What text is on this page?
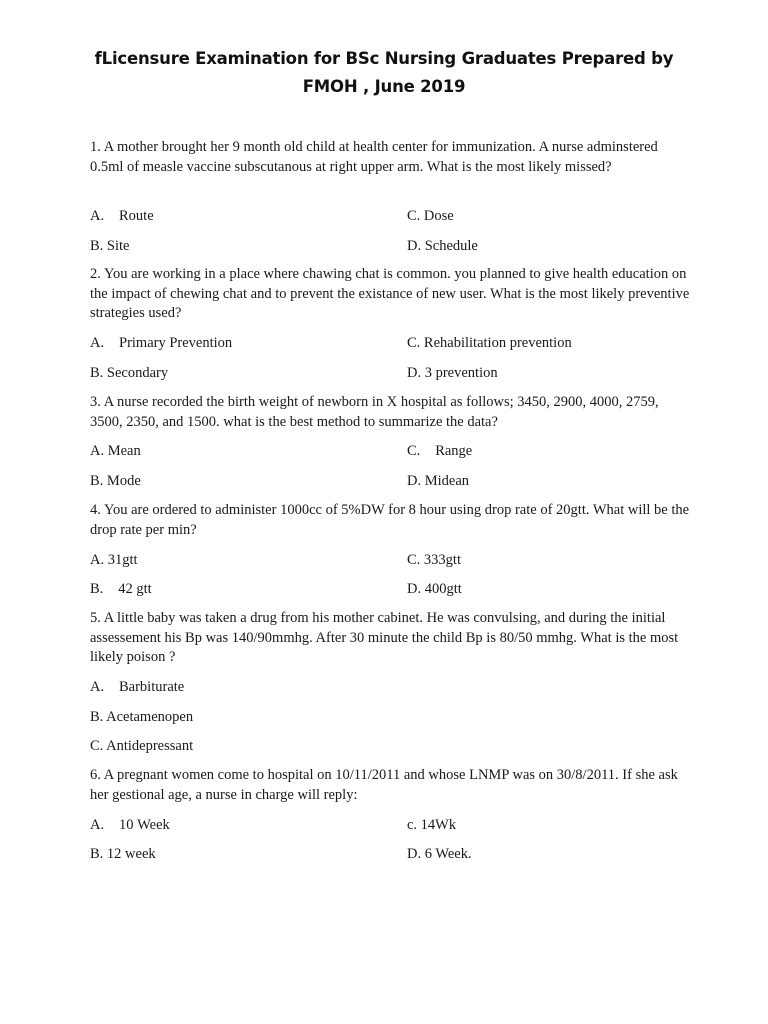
fLicensure Examination for BSc Nursing Graduates Prepared by
FMOH , June 2019
1. A mother brought her 9 month old child at health center for immunization. A nurse adminstered 0.5ml of measle vaccine subscutanous at right upper arm. What is the most likely missed?
A. Route	C. Dose
B. Site	D. Schedule
2. You are working in a place where chawing chat is common. you planned to give health education on the impact of chewing chat and to prevent the existance of new user. What is the most likely preventive strategies used?
A. Primary Prevention	C. Rehabilitation prevention
B. Secondary	D. 3 prevention
3. A nurse recorded the birth weight of newborn in X hospital as follows; 3450, 2900, 4000, 2759, 3500, 2350, and 1500. what is the best method to summarize the data?
A. Mean	C. Range
B. Mode	D. Midean
4. You are ordered to administer 1000cc of 5%DW for 8 hour using drop rate of 20gtt. What will be the drop rate per min?
A. 31gtt	C. 333gtt
B. 42 gtt	D. 400gtt
5. A little baby was taken a drug from his mother cabinet. He was convulsing, and during the initial assessement his Bp was 140/90mmhg. After 30 minute the child Bp is 80/50 mmhg. What is the most likely poison ?
A. Barbiturate
B. Acetamenopen
C. Antidepressant
6. A pregnant women come to hospital on 10/11/2011 and whose LNMP was on 30/8/2011. If she ask her gestional age, a nurse in charge will reply:
A. 10 Week	c. 14Wk
B. 12 week	D. 6 Week.
